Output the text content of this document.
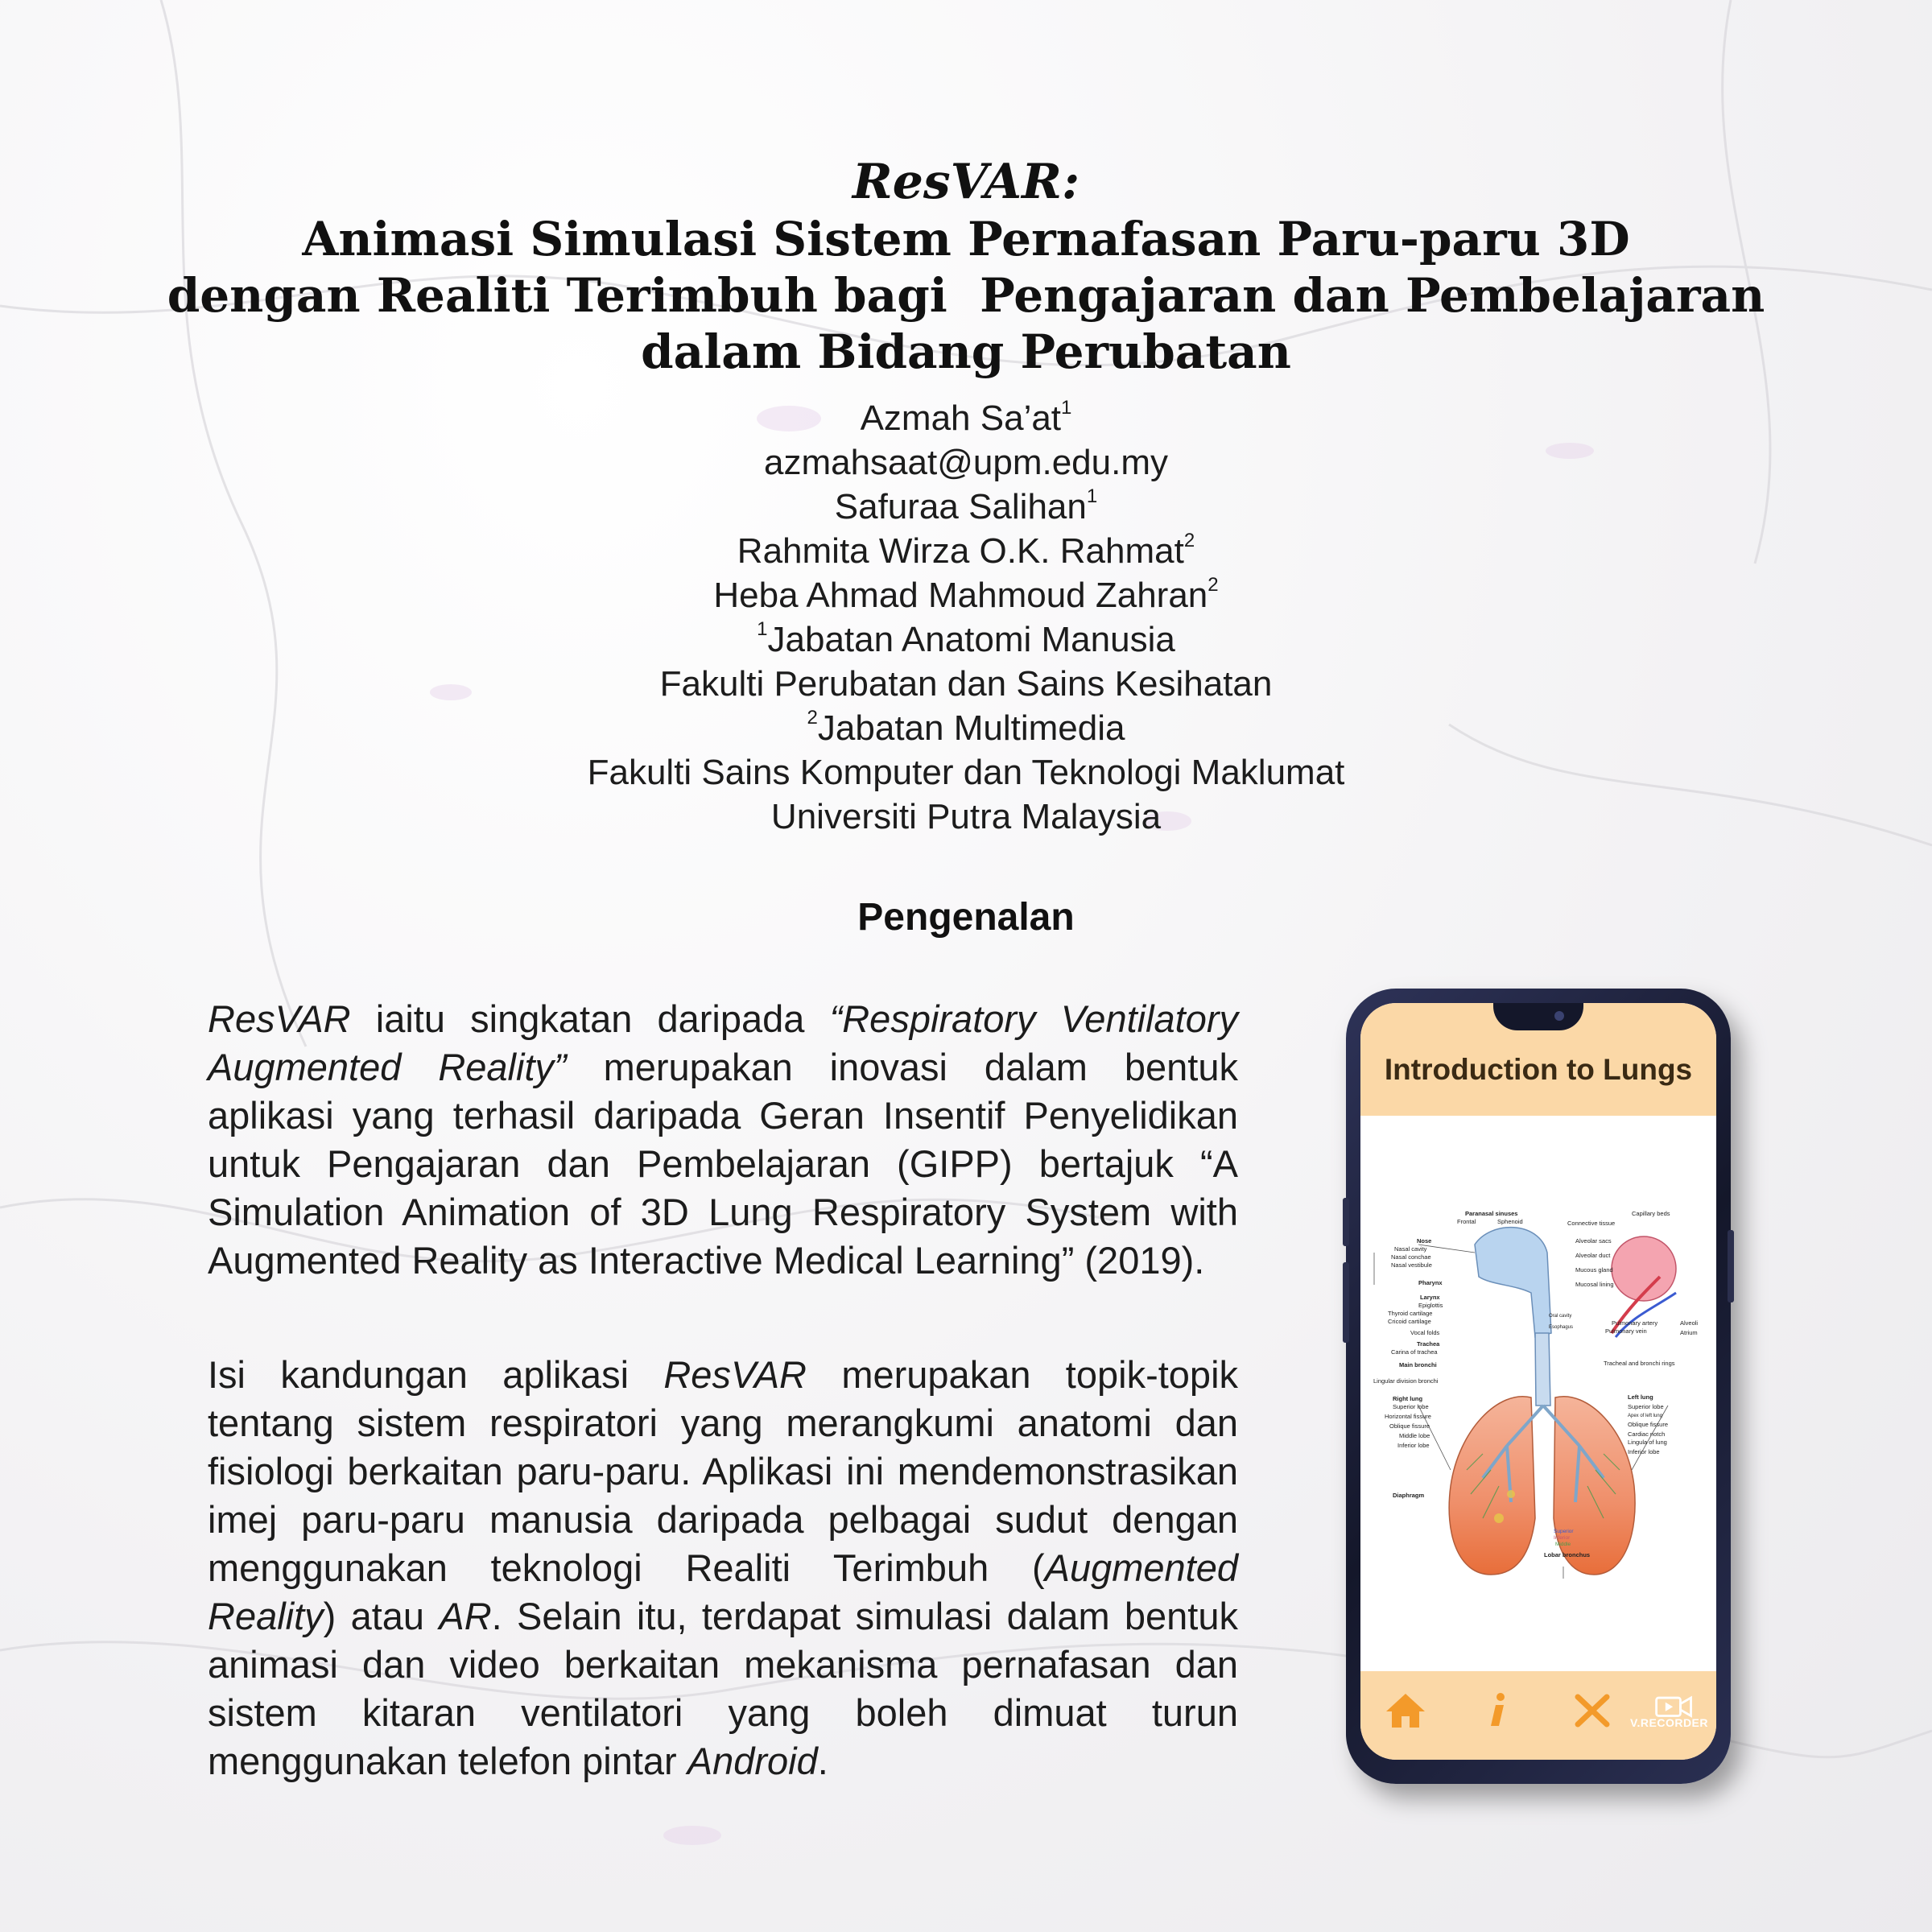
ResVAR:
Animasi Simulasi Sistem Pernafasan Paru-paru 3D
dengan Realiti Terimbuh bagi  Pengajaran dan Pembelajaran
dalam Bidang Perubatan
Azmah $Sa’at^1$
azmahsaat@upm.edu.my
Safuraa Salihan$^1$
Rahmita Wirza O.K. Rahmat$^2$
Heba Ahmad Mahmoud Zahran$^2$
$^1$Jabatan Anatomi Manusia
Fakulti Perubatan dan Sains Kesihatan
$^2$Jabatan Multimedia
Fakulti Sains Komputer dan Teknologi Maklumat
Universiti Putra Malaysia
Pengenalan
ResVAR iaitu singkatan daripada “Respiratory Ventilatory Augmented Reality” merupakan inovasi dalam bentuk aplikasi yang terhasil daripada Geran Insentif Penyelidikan untuk Pengajaran dan Pembelajaran (GIPP) bertajuk “A Simulation Animation of 3D Lung Respiratory System with Augmented Reality as Interactive Medical Learning” (2019).
Isi kandungan aplikasi ResVAR merupakan topik-topik tentang sistem respiratori yang merangkumi anatomi dan fisiologi berkaitan paru-paru. Aplikasi ini mendemonstrasikan imej paru-paru manusia daripada pelbagai sudut dengan menggunakan teknologi Realiti Terimbuh (Augmented Reality) atau AR. Selain itu, terdapat simulasi dalam bentuk animasi dan video berkaitan mekanisma pernafasan dan sistem kitaran ventilatori yang boleh dimuat turun menggunakan telefon pintar Android.
Introduction to Lungs
Paranasal sinuses
Frontal	Sphenoid
Capillary beds
Connective tissue
Alveolar sacs
Alveolar duct
Mucous gland
Mucosal lining
Nose
Nasal cavity
Nasal conchae
Nasal vestibule
Pharynx
Larynx
Epiglottis
Thyroid cartilage
Cricoid cartilage
Vocal folds
Oral cavity
Esophagus
Pulmonary artery
Pulmonary vein
Alveoli
Atrium
Trachea
Carina of trachea
Main bronchi	Tracheal and bronchi rings
Lingular division bronchi
Right lung
Superior lobe
Horizontal fissure
Oblique fissure
Middle lobe
Inferior lobe
Left lung
Superior lobe
Apex of left lung
Oblique fissure
Cardiac notch
Lingula of lung
Inferior lobe
Diaphragm
Superior
Inferior
Middle
Lobar bronchus
V.RECORDER
